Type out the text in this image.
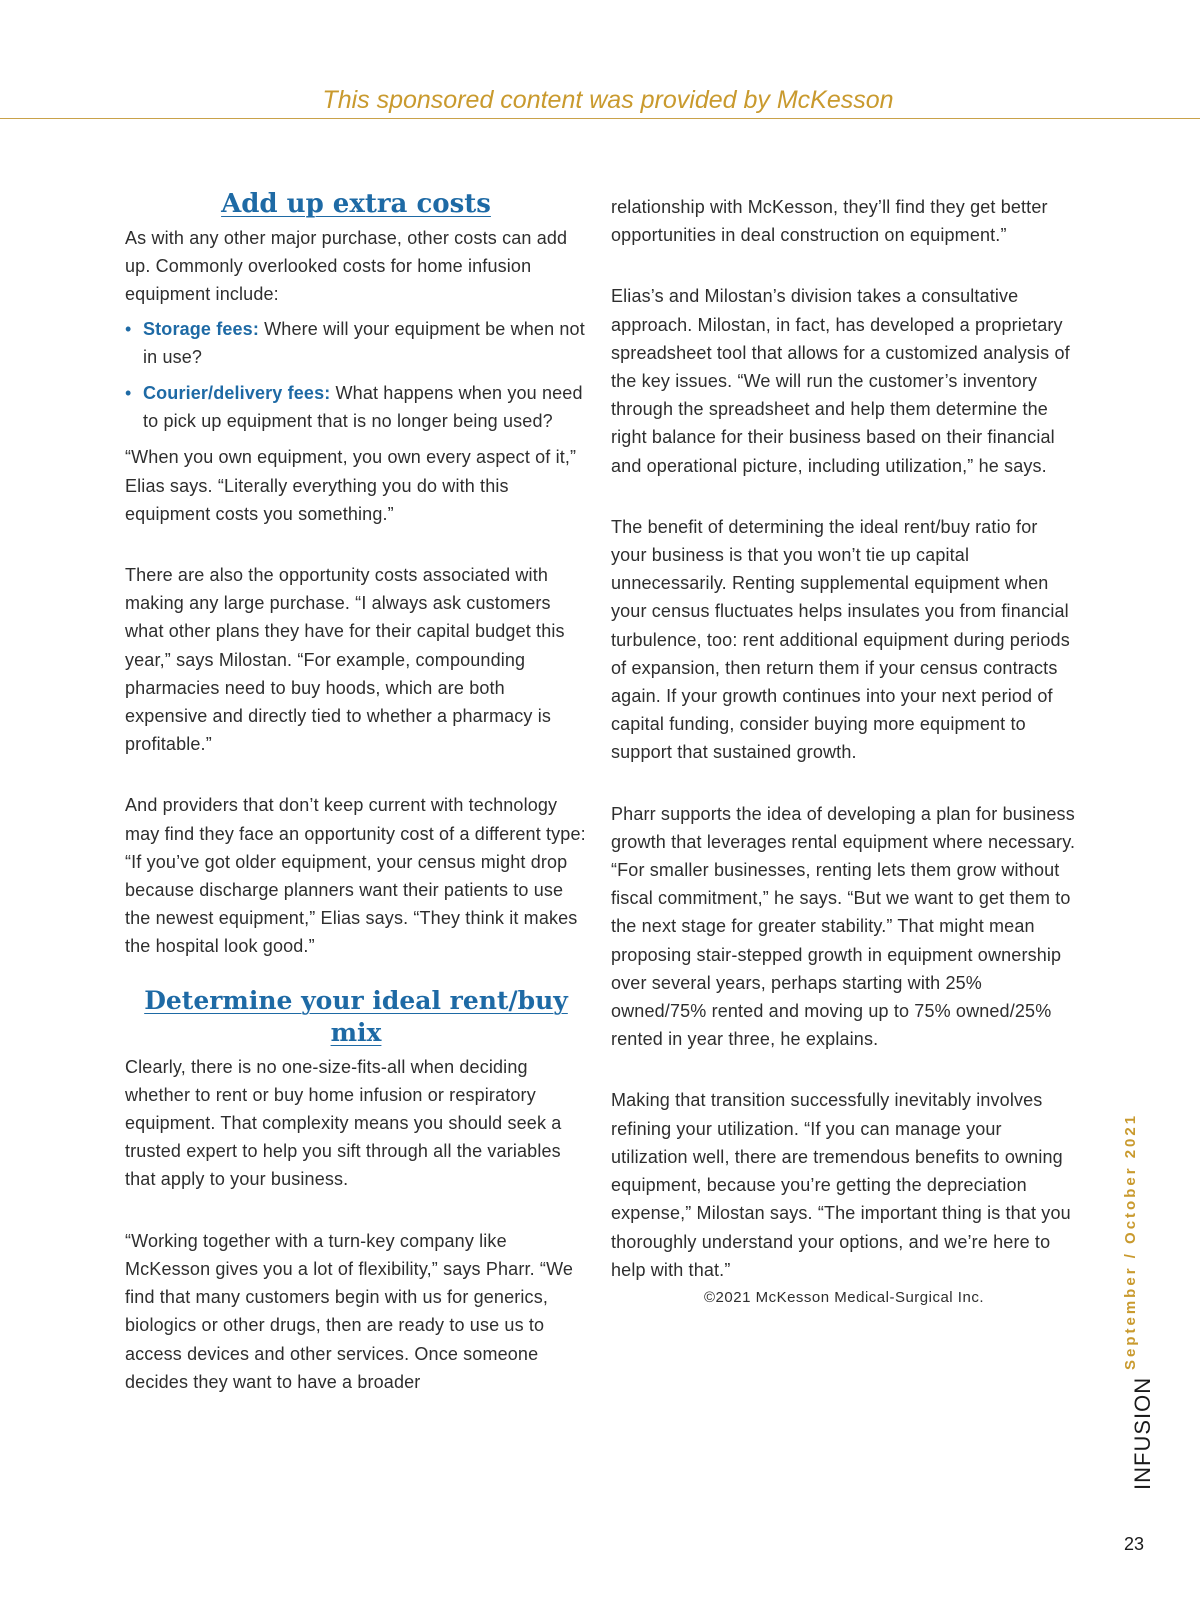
This sponsored content was provided by McKesson
Add up extra costs

As with any other major purchase, other costs can add up. Commonly overlooked costs for home infusion equipment include:

• Storage fees: Where will your equipment be when not in use?
• Courier/delivery fees: What happens when you need to pick up equipment that is no longer being used?

“When you own equipment, you own every aspect of it,” Elias says. “Literally everything you do with this equipment costs you something.”

There are also the opportunity costs associated with making any large purchase. “I always ask customers what other plans they have for their capital budget this year,” says Milostan. “For example, compounding pharmacies need to buy hoods, which are both expensive and directly tied to whether a pharmacy is profitable.”

And providers that don’t keep current with technology may find they face an opportunity cost of a different type: “If you’ve got older equipment, your census might drop because discharge planners want their patients to use the newest equipment,” Elias says. “They think it makes the hospital look good.”

Determine your ideal rent/buy mix

Clearly, there is no one-size-fits-all when deciding whether to rent or buy home infusion or respiratory equipment. That complexity means you should seek a trusted expert to help you sift through all the variables that apply to your business.

“Working together with a turn-key company like McKesson gives you a lot of flexibility,” says Pharr. “We find that many customers begin with us for generics, biologics or other drugs, then are ready to use us to access devices and other services. Once someone decides they want to have a broader

relationship with McKesson, they’ll find they get better opportunities in deal construction on equipment.”

Elias’s and Milostan’s division takes a consultative approach. Milostan, in fact, has developed a proprietary spreadsheet tool that allows for a customized analysis of the key issues. “We will run the customer’s inventory through the spreadsheet and help them determine the right balance for their business based on their financial and operational picture, including utilization,” he says.

The benefit of determining the ideal rent/buy ratio for your business is that you won’t tie up capital unnecessarily. Renting supplemental equipment when your census fluctuates helps insulates you from financial turbulence, too: rent additional equipment during periods of expansion, then return them if your census contracts again. If your growth continues into your next period of capital funding, consider buying more equipment to support that sustained growth.

Pharr supports the idea of developing a plan for business growth that leverages rental equipment where necessary. “For smaller businesses, renting lets them grow without fiscal commitment,” he says. “But we want to get them to the next stage for greater stability.” That might mean proposing stair-stepped growth in equipment ownership over several years, perhaps starting with 25% owned/75% rented and moving up to 75% owned/25% rented in year three, he explains.

Making that transition successfully inevitably involves refining your utilization. “If you can manage your utilization well, there are tremendous benefits to owning equipment, because you’re getting the depreciation expense,” Milostan says. “The important thing is that you thoroughly understand your options, and we’re here to help with that.”

©2021 McKesson Medical-Surgical Inc.	September / October 2021
INFUSION
23
